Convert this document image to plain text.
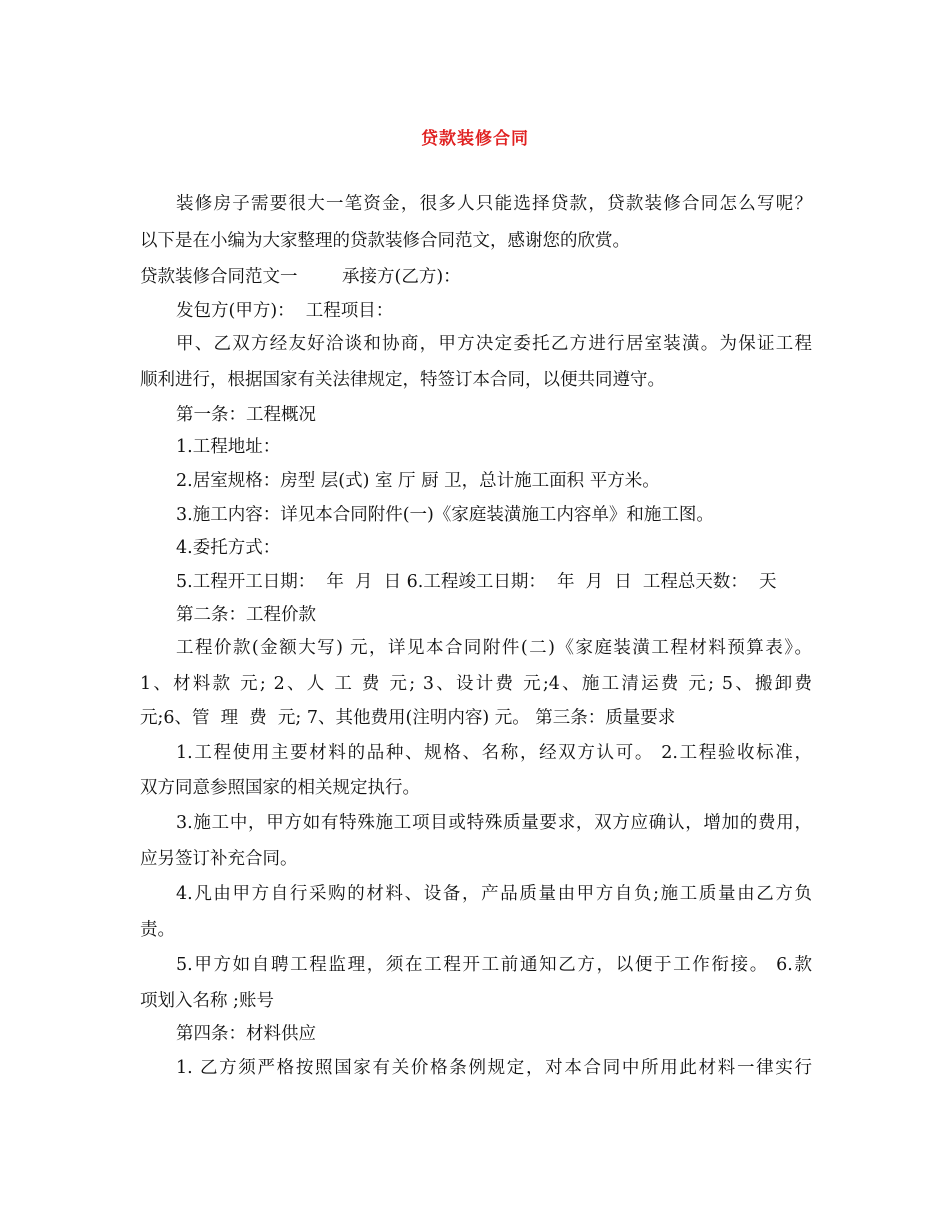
贷款装修合同
装修房子需要很大一笔资金，很多人只能选择贷款，贷款装修合同怎么写呢？
以下是在小编为大家整理的贷款装修合同范文，感谢您的欣赏。
贷款装修合同范文一        承接方(乙方)：
发包方(甲方)：  工程项目：
甲、乙双方经友好洽谈和协商，甲方决定委托乙方进行居室装潢。为保证工程
顺利进行，根据国家有关法律规定，特签订本合同，以便共同遵守。
第一条：工程概况
1.工程地址：
2.居室规格：房型 层(式) 室 厅 厨 卫，总计施工面积 平方米。
3.施工内容：详见本合同附件(一)《家庭装潢施工内容单》和施工图。
4.委托方式：
5.工程开工日期：  年  月  日 6.工程竣工日期：  年  月  日  工程总天数：  天
第二条：工程价款
工程价款(金额大写) 元，详见本合同附件(二)《家庭装潢工程材料预算表》。
1、材料款 元; 2、人 工 费 元; 3、设计费 元;4、施工清运费 元; 5、搬卸费
元;6、管  理  费  元; 7、其他费用(注明内容) 元。 第三条：质量要求
1.工程使用主要材料的品种、规格、名称，经双方认可。 2.工程验收标准，
双方同意参照国家的相关规定执行。
3.施工中，甲方如有特殊施工项目或特殊质量要求，双方应确认，增加的费用，
应另签订补充合同。
4.凡由甲方自行采购的材料、设备，产品质量由甲方自负;施工质量由乙方负
责。
5.甲方如自聘工程监理，须在工程开工前通知乙方，以便于工作衔接。 6.款
项划入名称 ;账号
第四条：材料供应
1. 乙方须严格按照国家有关价格条例规定，对本合同中所用此材料一律实行
